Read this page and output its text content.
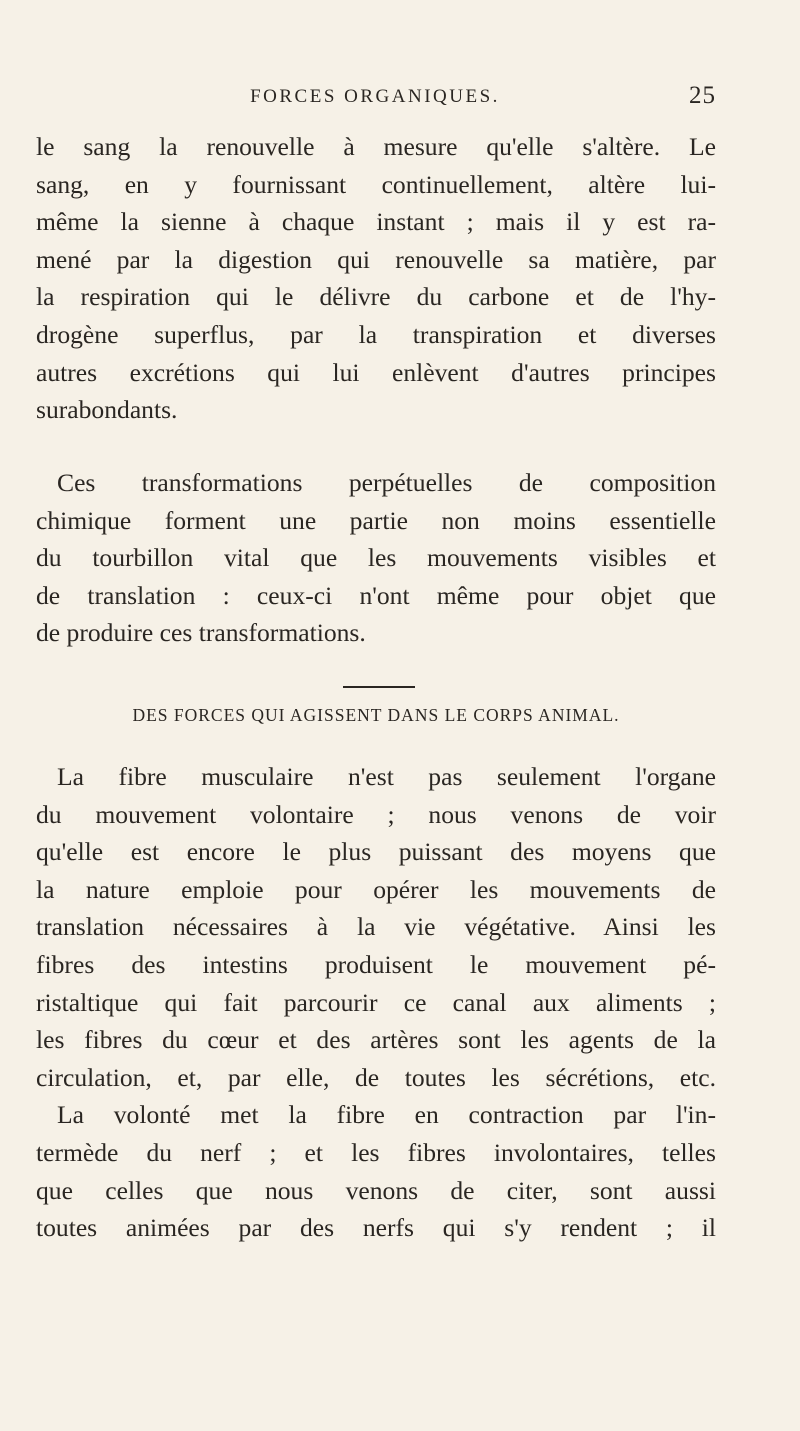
FORCES ORGANIQUES.	25
le sang la renouvelle à mesure qu'elle s'altère. Le
sang, en y fournissant continuellement, altère lui-
même la sienne à chaque instant ; mais il y est ra-
mené par la digestion qui renouvelle sa matière, par
la respiration qui le délivre du carbone et de l'hy-
drogène superflus, par la transpiration et diverses
autres excrétions qui lui enlèvent d'autres principes
surabondants.
Ces transformations perpétuelles de composition
chimique forment une partie non moins essentielle
du tourbillon vital que les mouvements visibles et
de translation : ceux-ci n'ont même pour objet que
de produire ces transformations.
DES FORCES QUI AGISSENT DANS LE CORPS ANIMAL.
La fibre musculaire n'est pas seulement l'organe
du mouvement volontaire ; nous venons de voir
qu'elle est encore le plus puissant des moyens que
la nature emploie pour opérer les mouvements de
translation nécessaires à la vie végétative. Ainsi les
fibres des intestins produisent le mouvement pé-
ristaltique qui fait parcourir ce canal aux aliments ;
les fibres du cœur et des artères sont les agents de la
circulation, et, par elle, de toutes les sécrétions, etc.
La volonté met la fibre en contraction par l'in-
termède du nerf ; et les fibres involontaires, telles
que celles que nous venons de citer, sont aussi
toutes animées par des nerfs qui s'y rendent ; il
